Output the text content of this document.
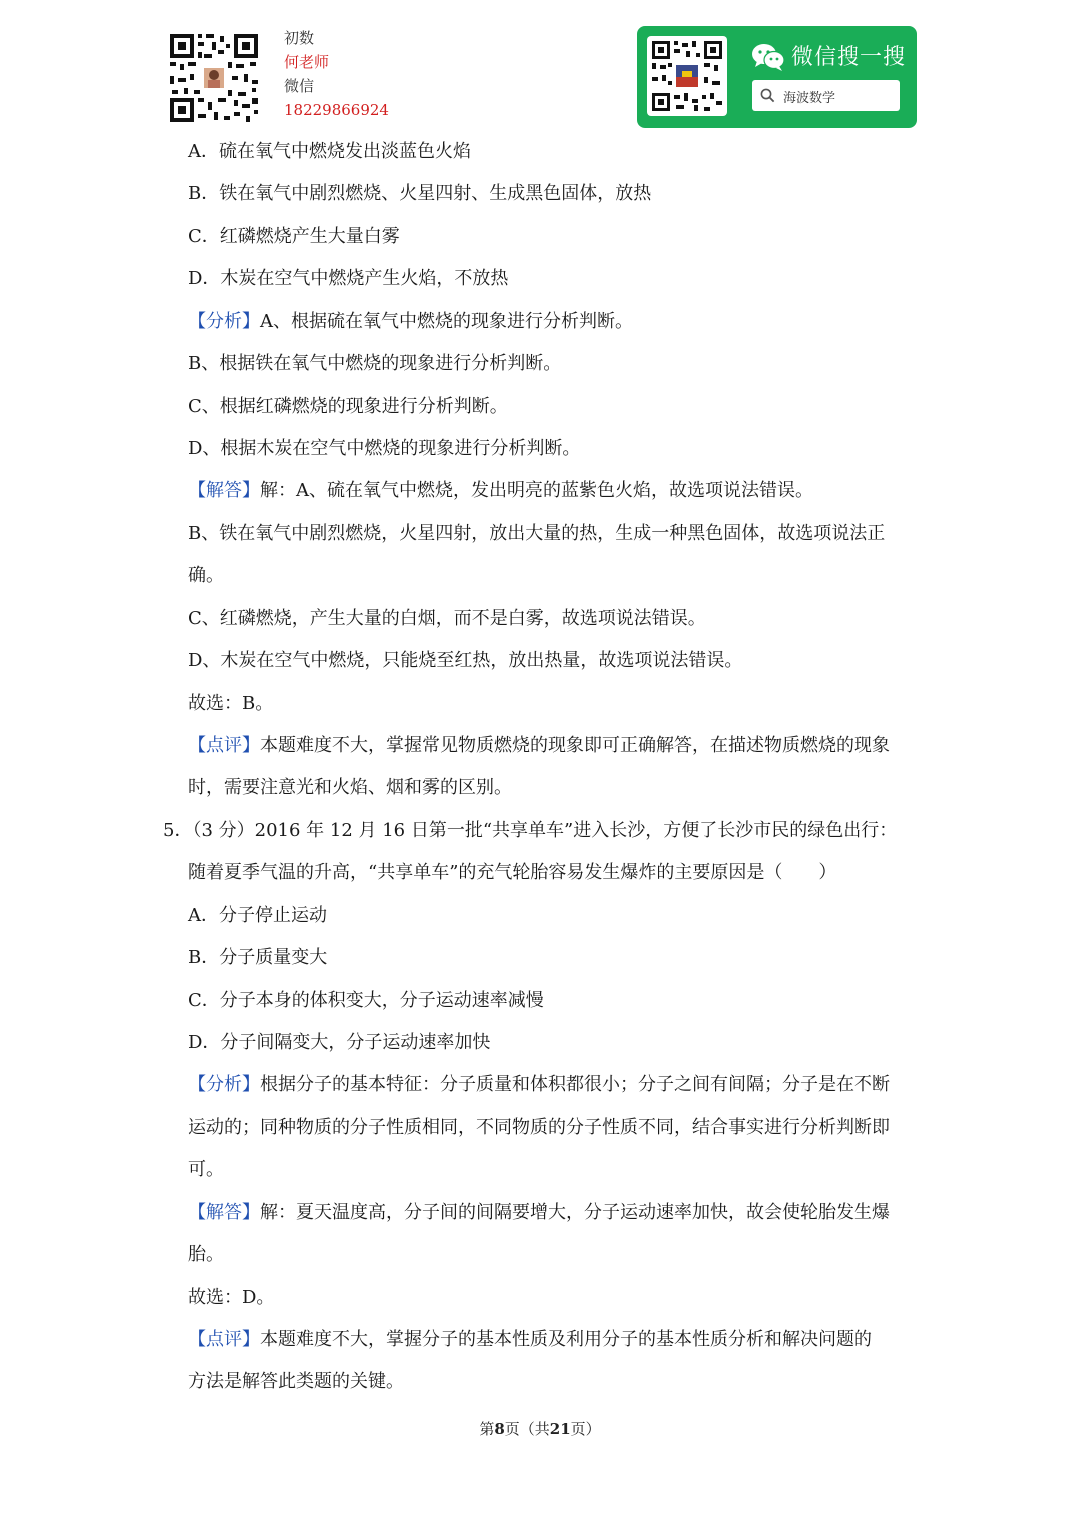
初数
何老师
微信
18229866924
微信搜一搜
海波数学
A．硫在氧气中燃烧发出淡蓝色火焰
B．铁在氧气中剧烈燃烧、火星四射、生成黑色固体，放热
C．红磷燃烧产生大量白雾
D．木炭在空气中燃烧产生火焰，不放热
【分析】A、根据硫在氧气中燃烧的现象进行分析判断。
B、根据铁在氧气中燃烧的现象进行分析判断。
C、根据红磷燃烧的现象进行分析判断。
D、根据木炭在空气中燃烧的现象进行分析判断。
【解答】解：A、硫在氧气中燃烧，发出明亮的蓝紫色火焰，故选项说法错误。
B、铁在氧气中剧烈燃烧，火星四射，放出大量的热，生成一种黑色固体，故选项说法正
确。
C、红磷燃烧，产生大量的白烟，而不是白雾，故选项说法错误。
D、木炭在空气中燃烧，只能烧至红热，放出热量，故选项说法错误。
故选：B。
【点评】本题难度不大，掌握常见物质燃烧的现象即可正确解答，在描述物质燃烧的现象
时，需要注意光和火焰、烟和雾的区别。
5．（3 分）2016 年 12 月 16 日第一批“共享单车”进入长沙，方便了长沙市民的绿色出行：
随着夏季气温的升高，“共享单车”的充气轮胎容易发生爆炸的主要原因是（　　）
A．分子停止运动
B．分子质量变大
C．分子本身的体积变大，分子运动速率减慢
D．分子间隔变大，分子运动速率加快
【分析】根据分子的基本特征：分子质量和体积都很小；分子之间有间隔；分子是在不断
运动的；同种物质的分子性质相同，不同物质的分子性质不同，结合事实进行分析判断即
可。
【解答】解：夏天温度高，分子间的间隔要增大，分子运动速率加快，故会使轮胎发生爆
胎。
故选：D。
【点评】本题难度不大，掌握分子的基本性质及利用分子的基本性质分析和解决问题的
方法是解答此类题的关键。
第8页（共21页）
